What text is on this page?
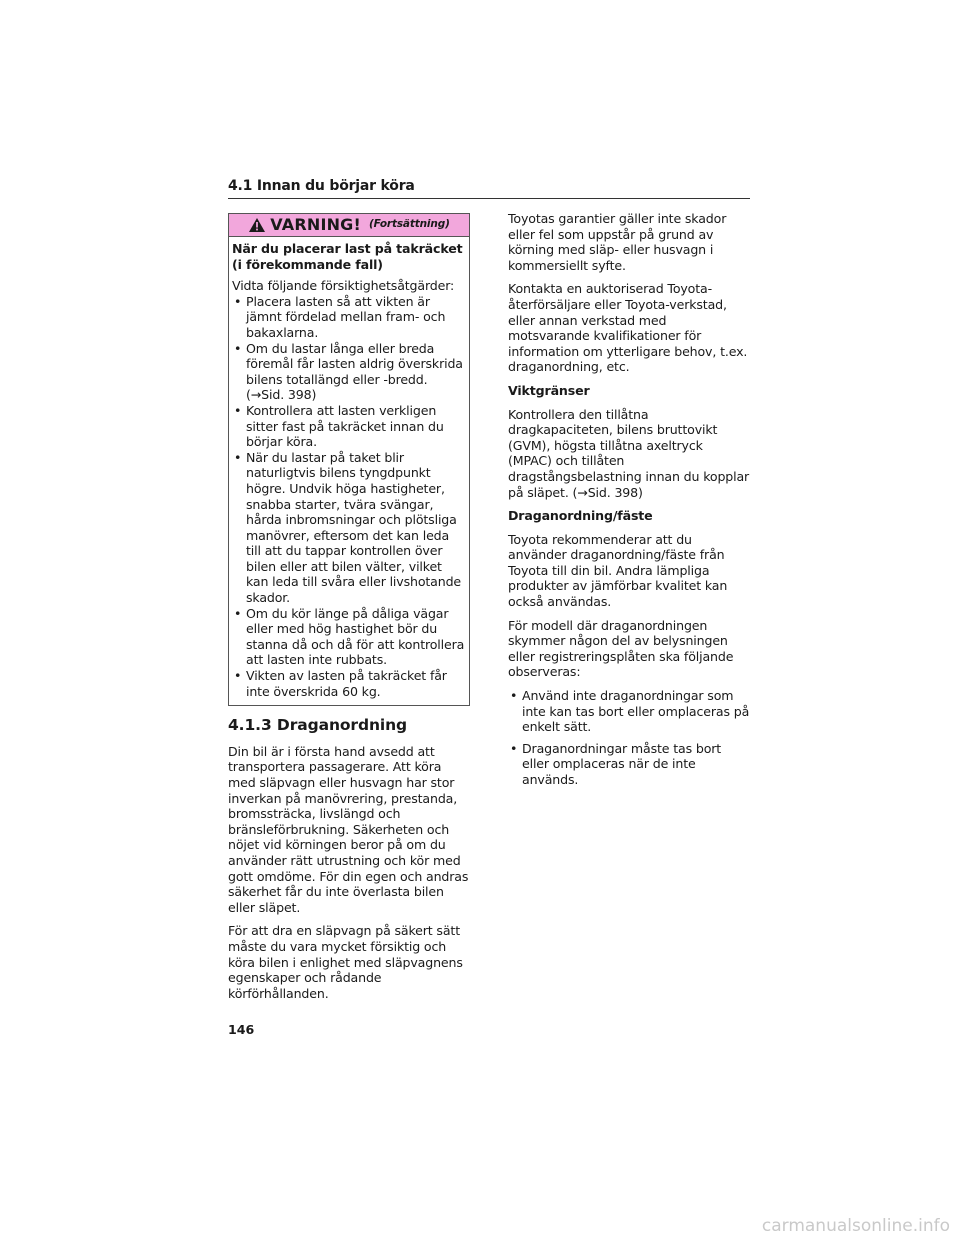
4.1 Innan du börjar köra
VARNING! (Fortsättning)

När du placerar last på takräcket (i förekommande fall)

Vidta följande försiktighetsåtgärder:

• Placera lasten så att vikten är jämnt fördelad mellan fram- och bakaxlarna.
• Om du lastar långa eller breda föremål får lasten aldrig överskrida bilens totallängd eller -bredd. (→Sid. 398)
• Kontrollera att lasten verkligen sitter fast på takräcket innan du börjar köra.
• När du lastar på taket blir naturligtvis bilens tyngdpunkt högre. Undvik höga hastigheter, snabba starter, tvära svängar, hårda inbromsningar och plötsliga manövrer, eftersom det kan leda till att du tappar kontrollen över bilen eller att bilen välter, vilket kan leda till svåra eller livshotande skador.
• Om du kör länge på dåliga vägar eller med hög hastighet bör du stanna då och då för att kontrollera att lasten inte rubbats.
• Vikten av lasten på takräcket får inte överskrida 60 kg.
4.1.3 Draganordning

Din bil är i första hand avsedd att transportera passagerare. Att köra med släpvagn eller husvagn har stor inverkan på manövrering, prestanda, bromssträcka, livslängd och bränsleförbrukning. Säkerheten och nöjet vid körningen beror på om du använder rätt utrustning och kör med gott omdöme. För din egen och andras säkerhet får du inte överlasta bilen eller släpet.

För att dra en släpvagn på säkert sätt måste du vara mycket försiktig och köra bilen i enlighet med släpvagnens egenskaper och rådande körförhållanden.

Toyotas garantier gäller inte skador eller fel som uppstår på grund av körning med släp- eller husvagn i kommersiellt syfte.

Kontakta en auktoriserad Toyota-återförsäljare eller Toyota-verkstad, eller annan verkstad med motsvarande kvalifikationer för information om ytterligare behov, t.ex. draganordning, etc.

Viktgränser

Kontrollera den tillåtna dragkapaciteten, bilens bruttovikt (GVM), högsta tillåtna axeltryck (MPAC) och tillåten dragstångsbelastning innan du kopplar på släpet. (→Sid. 398)

Draganordning/fäste

Toyota rekommenderar att du använder draganordning/fäste från Toyota till din bil. Andra lämpliga produkter av jämförbar kvalitet kan också användas.

För modell där draganordningen skymmer någon del av belysningen eller registreringsplåten ska följande observeras:

• Använd inte draganordningar som inte kan tas bort eller omplaceras på enkelt sätt.
• Draganordningar måste tas bort eller omplaceras när de inte används.
146
carmanualsonline.info
